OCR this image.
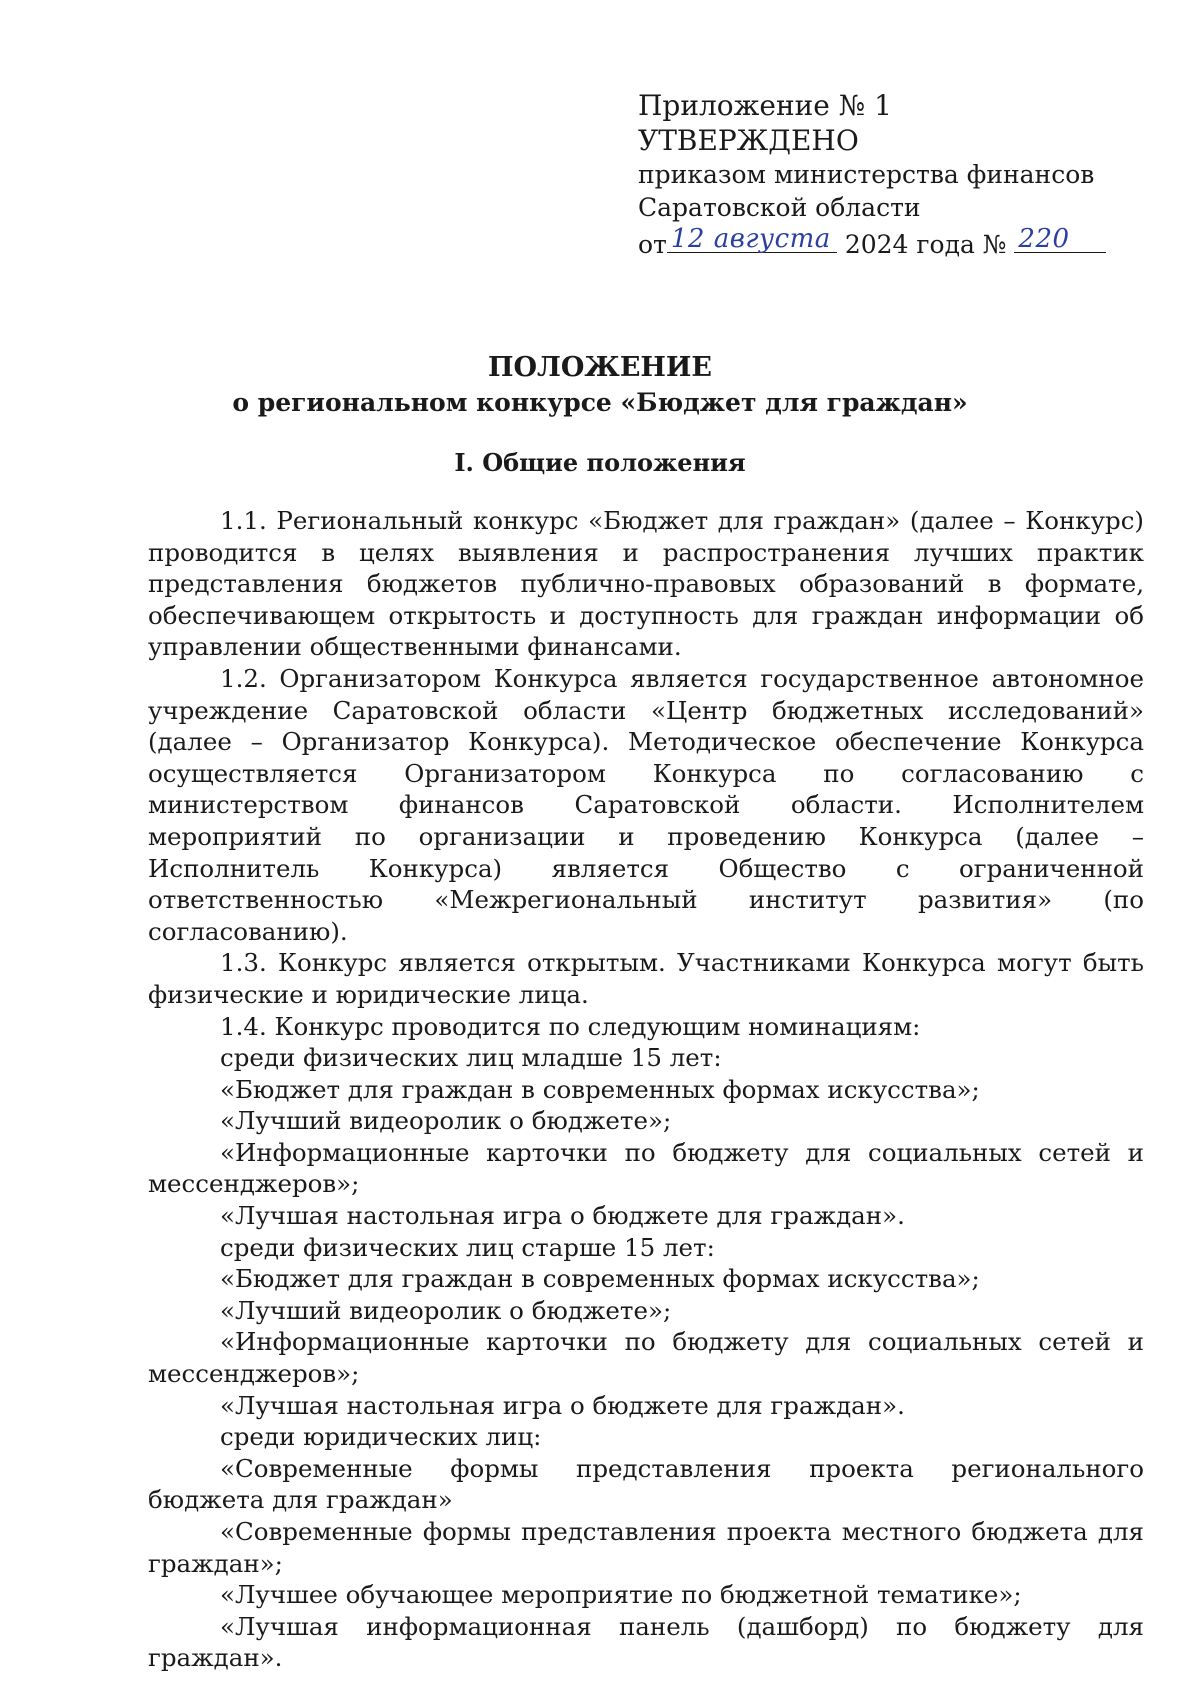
Приложение № 1
УТВЕРЖДЕНО
приказом министерства финансов
Саратовской области
от 12 августа 2024 года № 220
ПОЛОЖЕНИЕ
о региональном конкурсе «Бюджет для граждан»
I. Общие положения

1.1. Региональный конкурс «Бюджет для граждан» (далее – Конкурс) проводится в целях выявления и распространения лучших практик представления бюджетов публично-правовых образований в формате, обеспечивающем открытость и доступность для граждан информации об управлении общественными финансами.

1.2. Организатором Конкурса является государственное автономное учреждение Саратовской области «Центр бюджетных исследований» (далее – Организатор Конкурса). Методическое обеспечение Конкурса осуществляется Организатором Конкурса по согласованию с министерством финансов Саратовской области. Исполнителем мероприятий по организации и проведению Конкурса (далее – Исполнитель Конкурса) является Общество с ограниченной ответственностью «Межрегиональный институт развития» (по согласованию).

1.3. Конкурс является открытым. Участниками Конкурса могут быть физические и юридические лица.

1.4. Конкурс проводится по следующим номинациям:

среди физических лиц младше 15 лет:

«Бюджет для граждан в современных формах искусства»;

«Лучший видеоролик о бюджете»;

«Информационные карточки по бюджету для социальных сетей и мессенджеров»;

«Лучшая настольная игра о бюджете для граждан».

среди физических лиц старше 15 лет:

«Бюджет для граждан в современных формах искусства»;

«Лучший видеоролик о бюджете»;

«Информационные карточки по бюджету для социальных сетей и мессенджеров»;

«Лучшая настольная игра о бюджете для граждан».

среди юридических лиц:

«Современные формы представления проекта регионального бюджета для граждан»

«Современные формы представления проекта местного бюджета для граждан»;

«Лучшее обучающее мероприятие по бюджетной тематике»;

«Лучшая информационная панель (дашборд) по бюджету для граждан».
